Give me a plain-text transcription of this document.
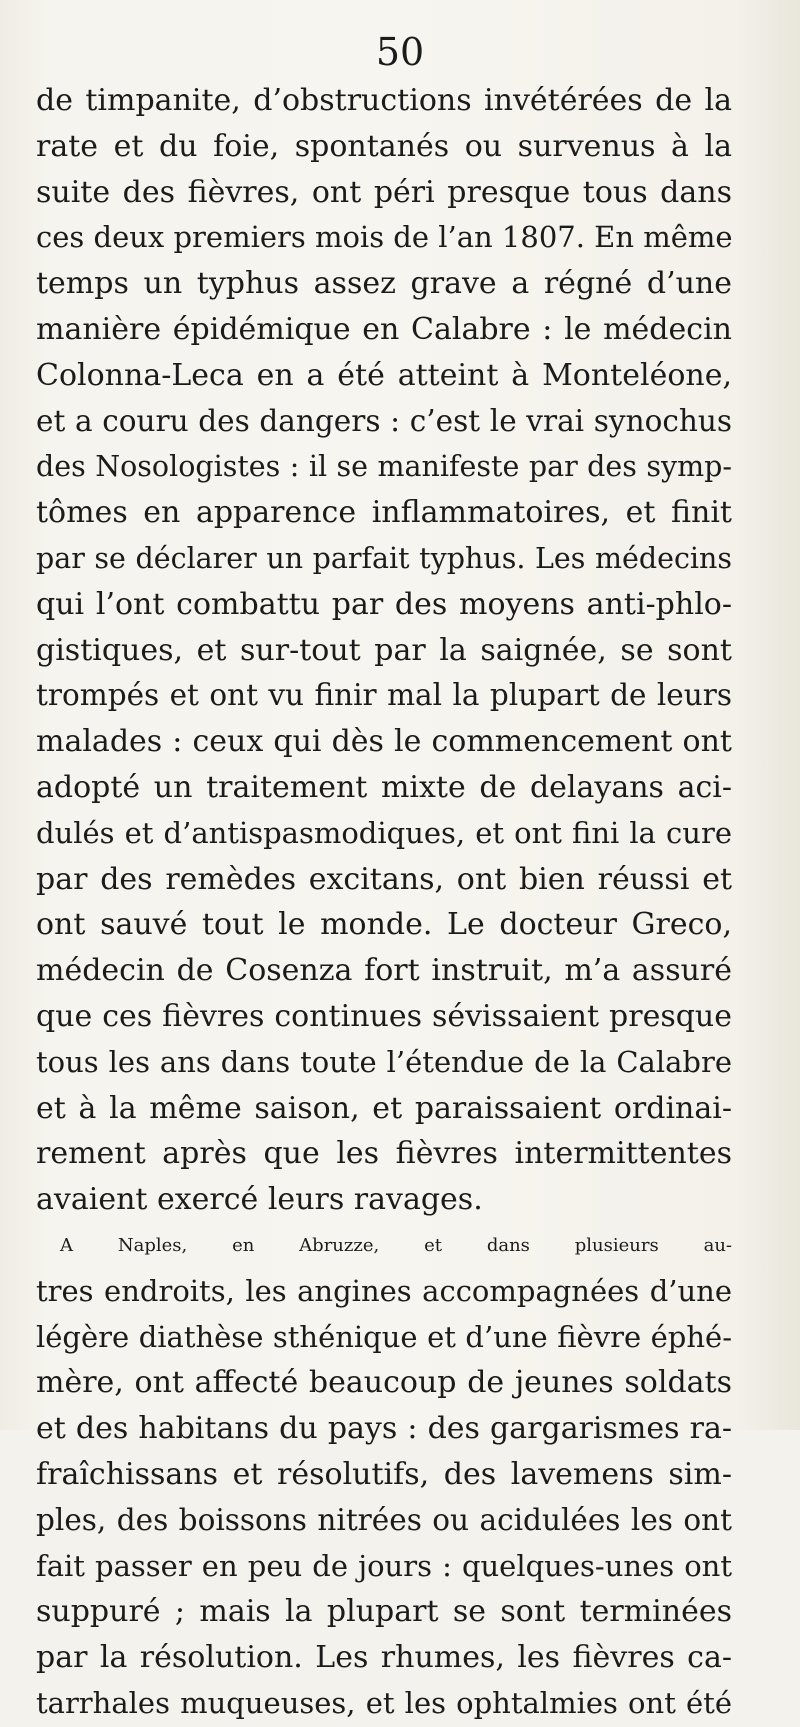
50
de timpanite, d’obstructions invétérées de la
rate et du foie, spontanés ou survenus à la
suite des fièvres, ont péri presque tous dans
ces deux premiers mois de l’an 1807. En même
temps un typhus assez grave a régné d’une
manière épidémique en Calabre : le médecin
Colonna-Leca en a été atteint à Monteléone,
et a couru des dangers : c’est le vrai synochus
des Nosologistes : il se manifeste par des symp-
tômes en apparence inflammatoires, et finit
par se déclarer un parfait typhus. Les médecins
qui l’ont combattu par des moyens anti-phlo-
gistiques, et sur-tout par la saignée, se sont
trompés et ont vu finir mal la plupart de leurs
malades : ceux qui dès le commencement ont
adopté un traitement mixte de delayans aci-
dulés et d’antispasmodiques, et ont fini la cure
par des remèdes excitans, ont bien réussi et
ont sauvé tout le monde. Le docteur Greco,
médecin de Cosenza fort instruit, m’a assuré
que ces fièvres continues sévissaient presque
tous les ans dans toute l’étendue de la Calabre
et à la même saison, et paraissaient ordinai-
rement après que les fièvres intermittentes
avaient exercé leurs ravages.
A Naples, en Abruzze, et dans plusieurs au-
tres endroits, les angines accompagnées d’une
légère diathèse sthénique et d’une fièvre éphé-
mère, ont affecté beaucoup de jeunes soldats
et des habitans du pays : des gargarismes ra-
fraîchissans et résolutifs, des lavemens sim-
ples, des boissons nitrées ou acidulées les ont
fait passer en peu de jours : quelques-unes ont
suppuré ; mais la plupart se sont terminées
par la résolution. Les rhumes, les fièvres ca-
tarrhales muqueuses, et les ophtalmies ont été
